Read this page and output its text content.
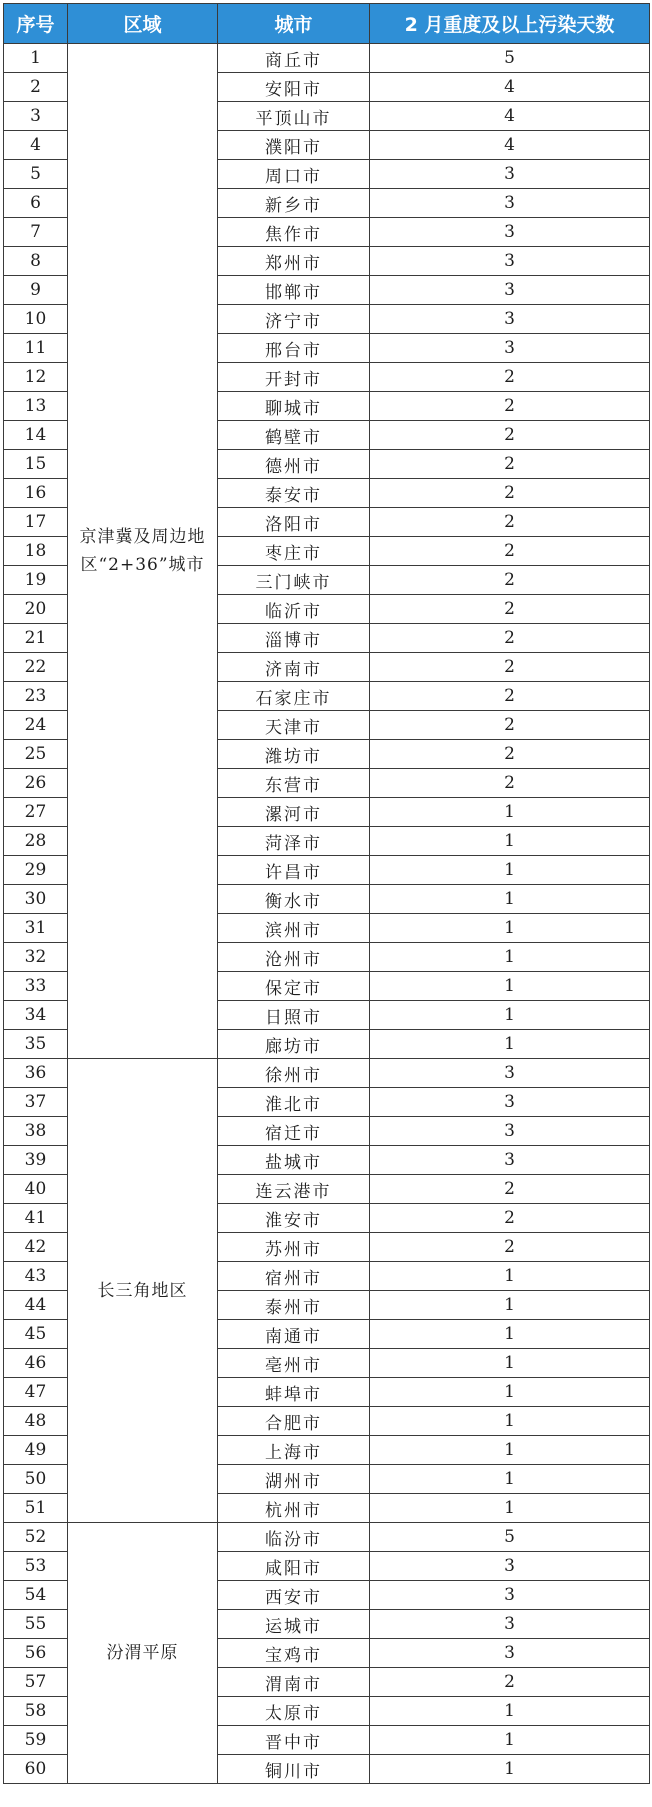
序号	区域	城市	2 月重度及以上污染天数
1	京津冀及周边地区“2+36”城市	商丘市	5
2		安阳市	4
3		平顶山市	4
4		濮阳市	4
5		周口市	3
6		新乡市	3
7		焦作市	3
8		郑州市	3
9		邯郸市	3
10		济宁市	3
11		邢台市	3
12		开封市	2
13		聊城市	2
14		鹤壁市	2
15		德州市	2
16		泰安市	2
17		洛阳市	2
18		枣庄市	2
19		三门峡市	2
20		临沂市	2
21		淄博市	2
22		济南市	2
23		石家庄市	2
24		天津市	2
25		潍坊市	2
26		东营市	2
27		漯河市	1
28		菏泽市	1
29		许昌市	1
30		衡水市	1
31		滨州市	1
32		沧州市	1
33		保定市	1
34		日照市	1
35		廊坊市	1
36	长三角地区	徐州市	3
37		淮北市	3
38		宿迁市	3
39		盐城市	3
40		连云港市	2
41		淮安市	2
42		苏州市	2
43		宿州市	1
44		泰州市	1
45		南通市	1
46		亳州市	1
47		蚌埠市	1
48		合肥市	1
49		上海市	1
50		湖州市	1
51		杭州市	1
52	汾渭平原	临汾市	5
53		咸阳市	3
54		西安市	3
55		运城市	3
56		宝鸡市	3
57		渭南市	2
58		太原市	1
59		晋中市	1
60		铜川市	1
